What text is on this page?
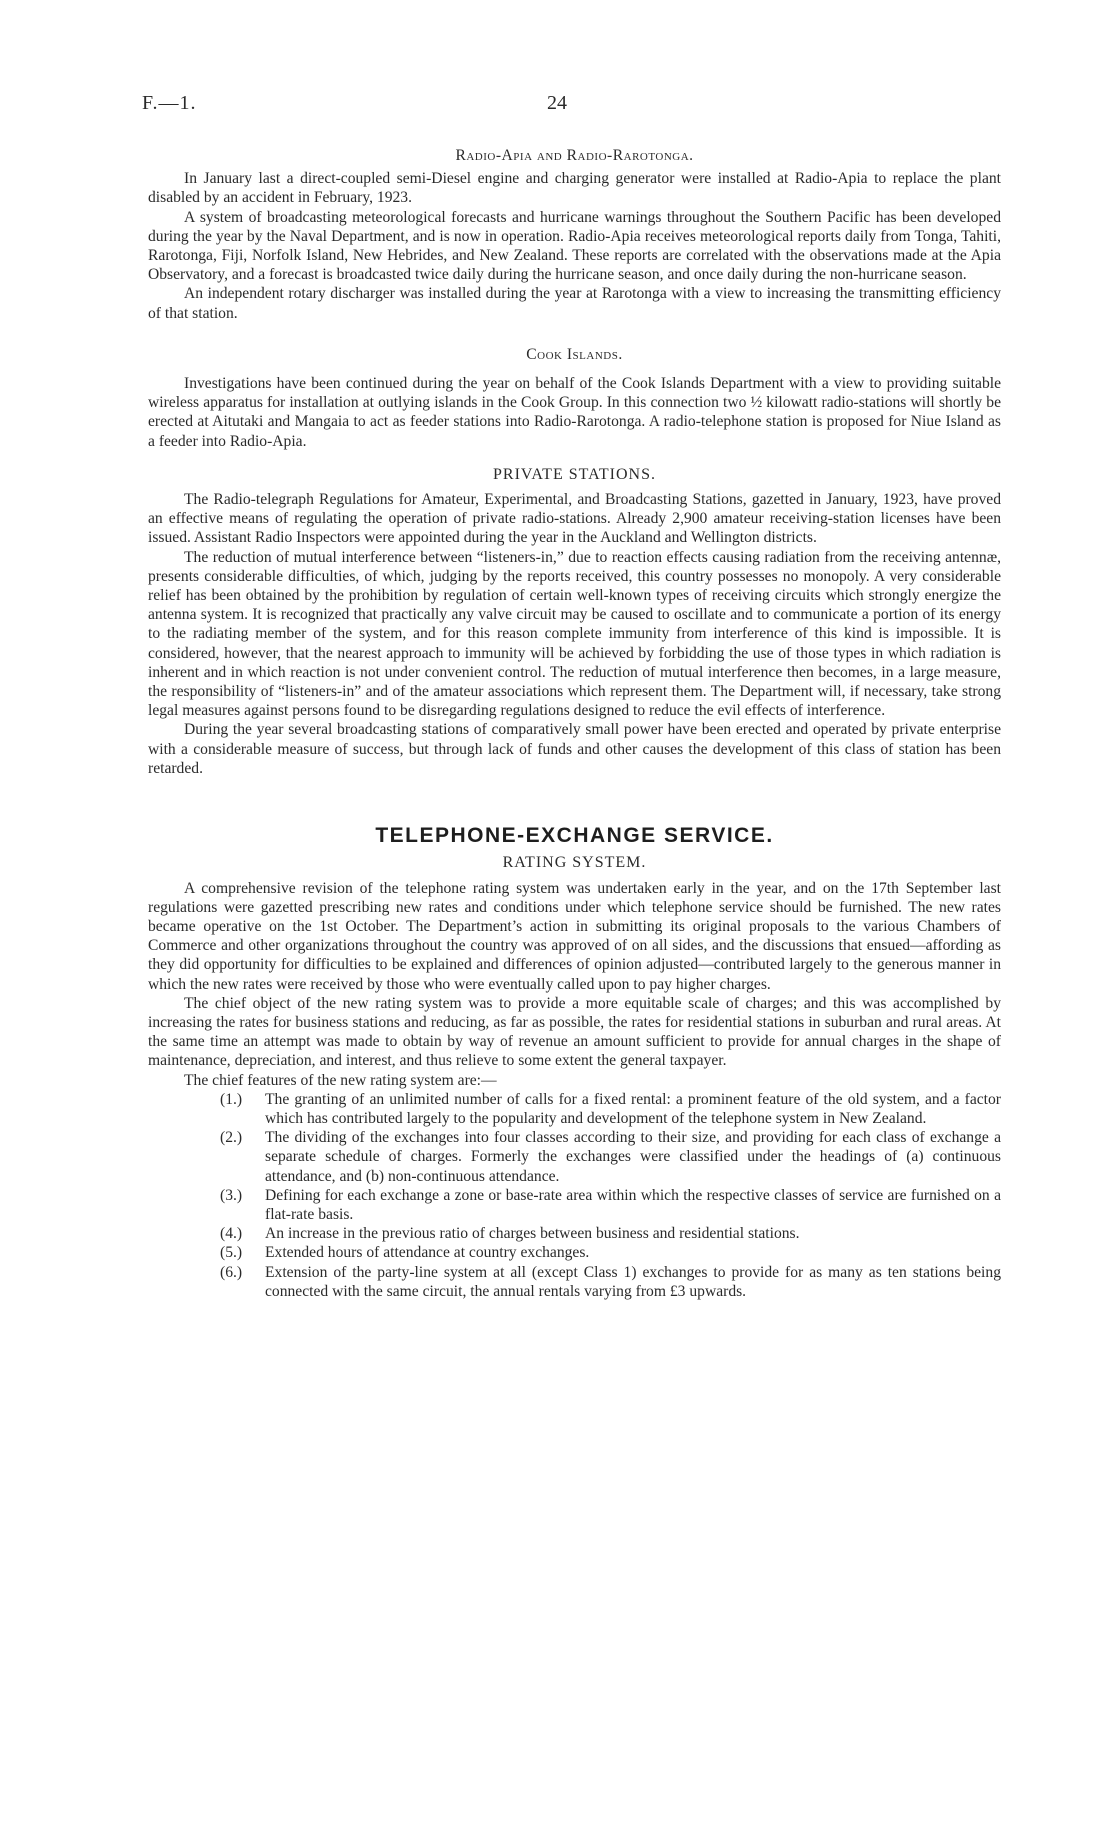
F.—1.	24
Radio-Apia and Radio-Rarotonga.

In January last a direct-coupled semi-Diesel engine and charging generator were installed at Radio-Apia to replace the plant disabled by an accident in February, 1923.

A system of broadcasting meteorological forecasts and hurricane warnings throughout the Southern Pacific has been developed during the year by the Naval Department, and is now in operation. Radio-Apia receives meteorological reports daily from Tonga, Tahiti, Rarotonga, Fiji, Norfolk Island, New Hebrides, and New Zealand. These reports are correlated with the observations made at the Apia Observatory, and a forecast is broadcasted twice daily during the hurricane season, and once daily during the non-hurricane season.

An independent rotary discharger was installed during the year at Rarotonga with a view to increasing the transmitting efficiency of that station.

Cook Islands.

Investigations have been continued during the year on behalf of the Cook Islands Department with a view to providing suitable wireless apparatus for installation at outlying islands in the Cook Group. In this connection two ½ kilowatt radio-stations will shortly be erected at Aitutaki and Mangaia to act as feeder stations into Radio-Rarotonga. A radio-telephone station is proposed for Niue Island as a feeder into Radio-Apia.

PRIVATE STATIONS.

The Radio-telegraph Regulations for Amateur, Experimental, and Broadcasting Stations, gazetted in January, 1923, have proved an effective means of regulating the operation of private radio-stations. Already 2,900 amateur receiving-station licenses have been issued. Assistant Radio Inspectors were appointed during the year in the Auckland and Wellington districts.

The reduction of mutual interference between “listeners-in,” due to reaction effects causing radiation from the receiving antennæ, presents considerable difficulties, of which, judging by the reports received, this country possesses no monopoly. A very considerable relief has been obtained by the prohibition by regulation of certain well-known types of receiving circuits which strongly energize the antenna system. It is recognized that practically any valve circuit may be caused to oscillate and to communicate a portion of its energy to the radiating member of the system, and for this reason complete immunity from interference of this kind is impossible. It is considered, however, that the nearest approach to immunity will be achieved by forbidding the use of those types in which radiation is inherent and in which reaction is not under convenient control. The reduction of mutual interference then becomes, in a large measure, the responsibility of “listeners-in” and of the amateur associations which represent them. The Department will, if necessary, take strong legal measures against persons found to be disregarding regulations designed to reduce the evil effects of interference.

During the year several broadcasting stations of comparatively small power have been erected and operated by private enterprise with a considerable measure of success, but through lack of funds and other causes the development of this class of station has been retarded.

TELEPHONE-EXCHANGE SERVICE.
RATING SYSTEM.

A comprehensive revision of the telephone rating system was undertaken early in the year, and on the 17th September last regulations were gazetted prescribing new rates and conditions under which telephone service should be furnished. The new rates became operative on the 1st October. The Department’s action in submitting its original proposals to the various Chambers of Commerce and other organizations throughout the country was approved of on all sides, and the discussions that ensued—affording as they did opportunity for difficulties to be explained and differences of opinion adjusted—contributed largely to the generous manner in which the new rates were received by those who were eventually called upon to pay higher charges.

The chief object of the new rating system was to provide a more equitable scale of charges; and this was accomplished by increasing the rates for business stations and reducing, as far as possible, the rates for residential stations in suburban and rural areas. At the same time an attempt was made to obtain by way of revenue an amount sufficient to provide for annual charges in the shape of maintenance, depreciation, and interest, and thus relieve to some extent the general taxpayer.

The chief features of the new rating system are:—

(1.)	The granting of an unlimited number of calls for a fixed rental: a prominent feature of the old system, and a factor which has contributed largely to the popularity and development of the telephone system in New Zealand.
(2.)	The dividing of the exchanges into four classes according to their size, and providing for each class of exchange a separate schedule of charges. Formerly the exchanges were classified under the headings of (a) continuous attendance, and (b) non-continuous attendance.
(3.)	Defining for each exchange a zone or base-rate area within which the respective classes of service are furnished on a flat-rate basis.
(4.)	An increase in the previous ratio of charges between business and residential stations.
(5.)	Extended hours of attendance at country exchanges.
(6.)	Extension of the party-line system at all (except Class 1) exchanges to provide for as many as ten stations being connected with the same circuit, the annual rentals varying from £3 upwards.
